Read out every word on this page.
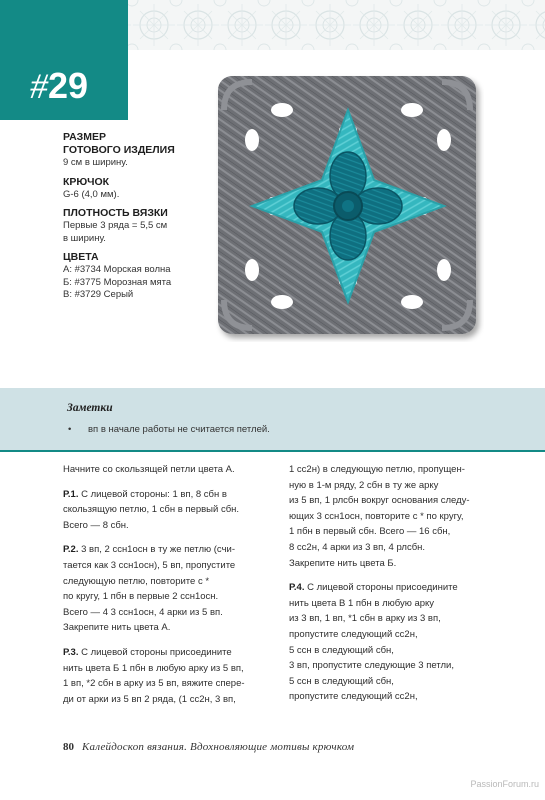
#29
РАЗМЕР
ГОТОВОГО ИЗДЕЛИЯ
9 см в ширину.
КРЮЧОК
G-6 (4,0 мм).
ПЛОТНОСТЬ ВЯЗКИ
Первые 3 ряда = 5,5 см
в ширину.
ЦВЕТА
А: #3734 Морская волна
Б: #3775 Морозная мята
В: #3729 Серый
Заметки
• вп в начале работы не считается петлей.

Начните со скользящей петли цвета А.

Р.1. С лицевой стороны: 1 вп, 8 сбн в

скользящую петлю, 1 сбн в первый сбн.

Всего — 8 сбн.

Р.2. 3 вп, 2 ссн1осн в ту же петлю (счи-

тается как 3 ссн1осн), 5 вп, пропустите

следующую петлю, повторите с *

по кругу, 1 пбн в первые 2 ссн1осн.

Всего — 4 3 ссн1осн, 4 арки из 5 вп.

Закрепите нить цвета А.

Р.3. С лицевой стороны присоедините

нить цвета Б 1 пбн в любую арку из 5 вп,

1 вп, *2 сбн в арку из 5 вп, вяжите спере-

ди от арки из 5 вп 2 ряда, (1 сс2н, 3 вп,

1 сс2н) в следующую петлю, пропущен-

ную в 1-м ряду, 2 сбн в ту же арку

из 5 вп, 1 рлсбн вокруг основания следу-

ющих 3 ссн1осн, повторите с * по кругу,

1 пбн в первый сбн. Всего — 16 сбн,

8 сс2н, 4 арки из 3 вп, 4 рлсбн.

Закрепите нить цвета Б.

Р.4. С лицевой стороны присоедините

нить цвета В 1 пбн в любую арку

из 3 вп, 1 вп, *1 сбн в арку из 3 вп,

пропустите следующий сс2н,

5 ссн в следующий сбн,

3 вп, пропустите следующие 3 петли,

5 ссн в следующий сбн,

пропустите следующий сс2н,

80 Калейдоскоп вязания. Вдохновляющие мотивы крючком
PassionForum.ru
